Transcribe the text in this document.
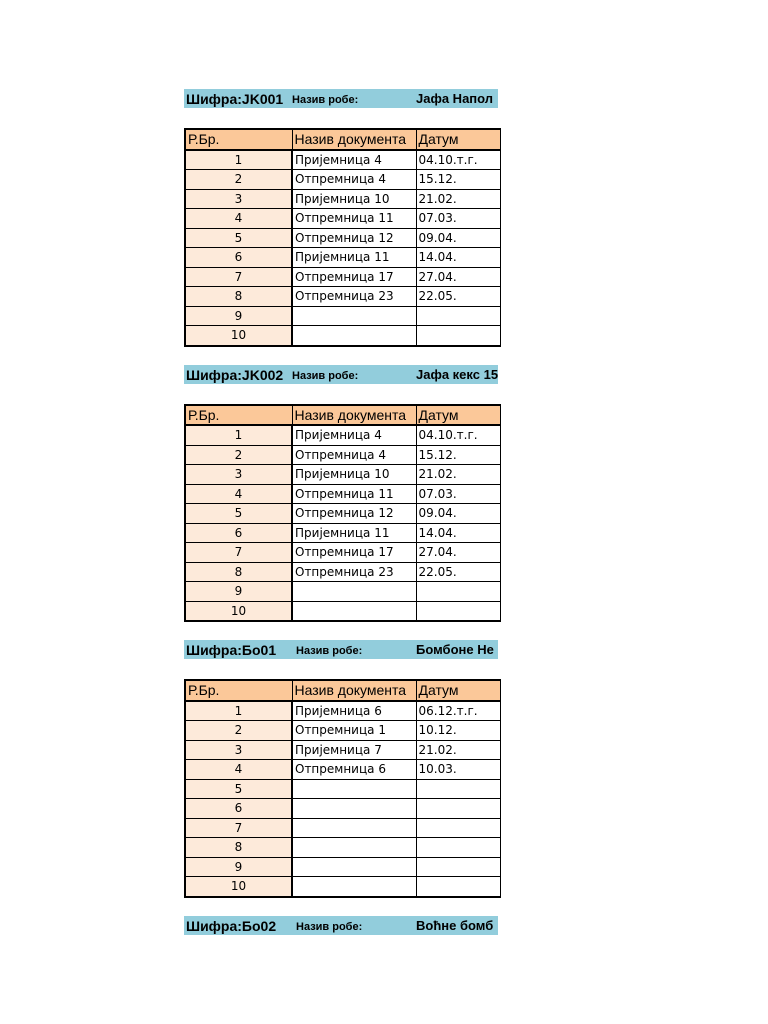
Шифра:JK001 Назив робе:	Јафа Напол
Р.Бр.	Назив документа	Датум
1	Пријемница 4	04.10.т.г.
2	Отпремница 4	15.12.
3	Пријемница 10	21.02.
4	Отпремница 11	07.03.
5	Отпремница 12	09.04.
6	Пријемница 11	14.04.
7	Отпремница 17	27.04.
8	Отпремница 23	22.05.
9		
10		
Шифра:JK002 Назив робе:	Јафа кекс 15
Р.Бр.	Назив документа	Датум
1	Пријемница 4	04.10.т.г.
2	Отпремница 4	15.12.
3	Пријемница 10	21.02.
4	Отпремница 11	07.03.
5	Отпремница 12	09.04.
6	Пријемница 11	14.04.
7	Отпремница 17	27.04.
8	Отпремница 23	22.05.
9		
10		
Шифра:Бо01 Назив робе:	Бомбоне Не
Р.Бр.	Назив документа	Датум
1	Пријемница 6	06.12.т.г.
2	Отпремница 1	10.12.
3	Пријемница 7	21.02.
4	Отпремница 6	10.03.
5		
6		
7		
8		
9		
10		
Шифра:Бо02 Назив робе:	Воћне бомб
